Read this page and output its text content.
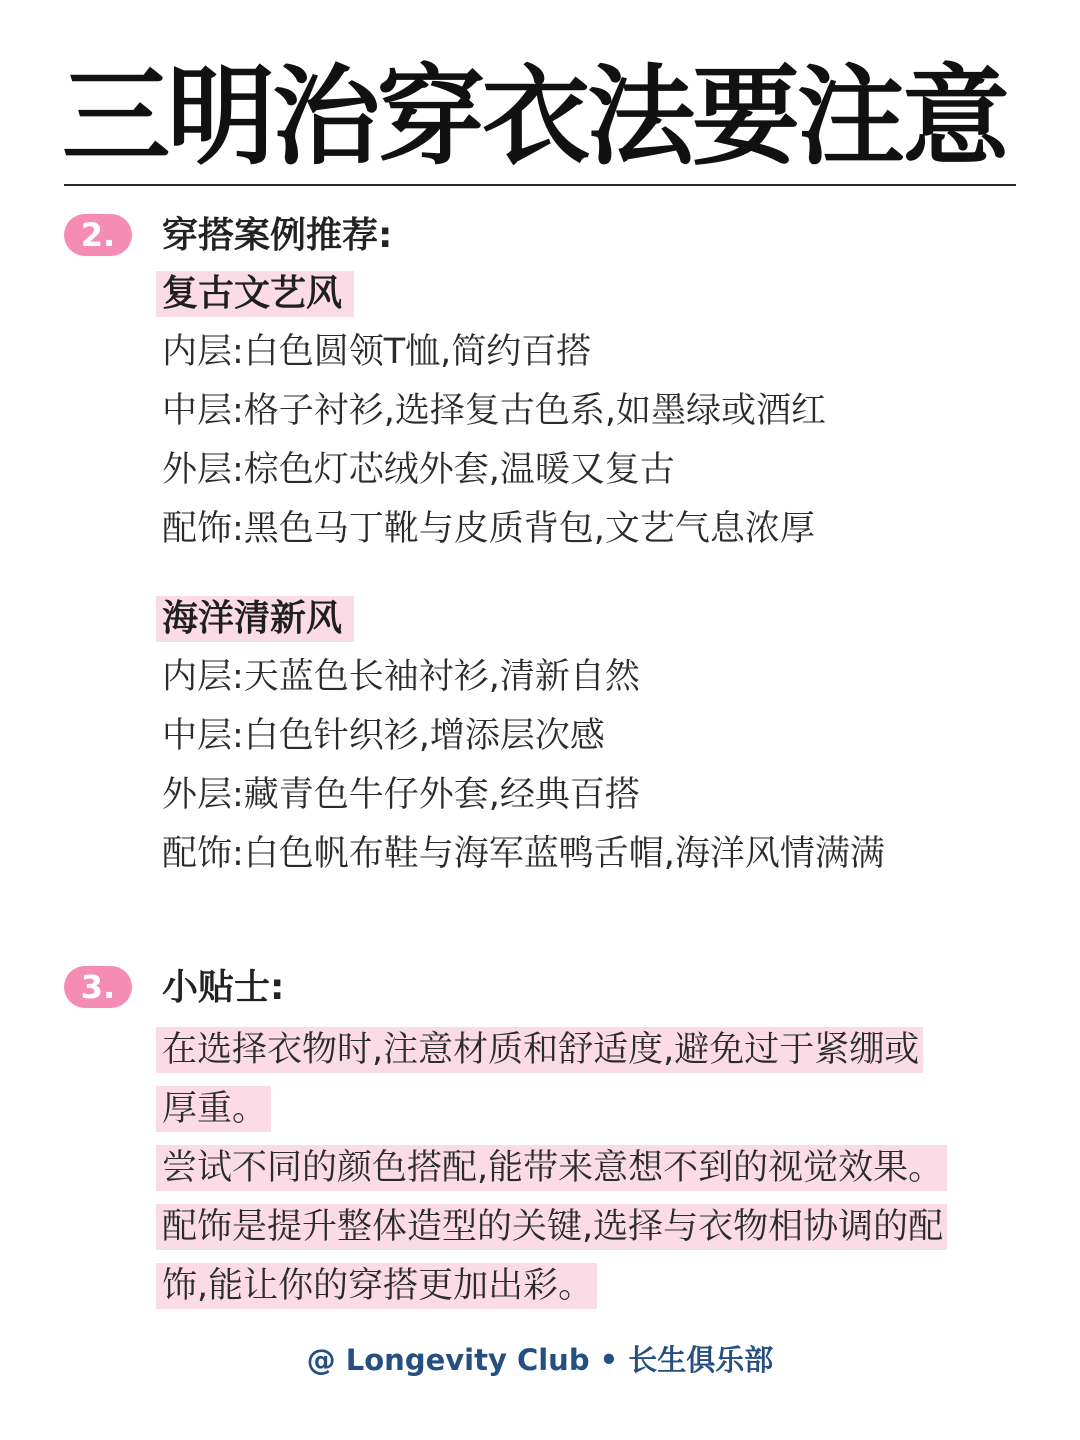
三明治穿衣法要注意
2.	穿搭案例推荐:
复古文艺风
内层:白色圆领T恤,简约百搭
中层:格子衬衫,选择复古色系,如墨绿或酒红
外层:棕色灯芯绒外套,温暖又复古
配饰:黑色马丁靴与皮质背包,文艺气息浓厚
海洋清新风
内层:天蓝色长袖衬衫,清新自然
中层:白色针织衫,增添层次感
外层:藏青色牛仔外套,经典百搭
配饰:白色帆布鞋与海军蓝鸭舌帽,海洋风情满满
3.	小贴士:
在选择衣物时,注意材质和舒适度,避免过于紧绷或
厚重。
尝试不同的颜色搭配,能带来意想不到的视觉效果。
配饰是提升整体造型的关键,选择与衣物相协调的配
饰,能让你的穿搭更加出彩。
@ Longevity Club • 长生俱乐部
